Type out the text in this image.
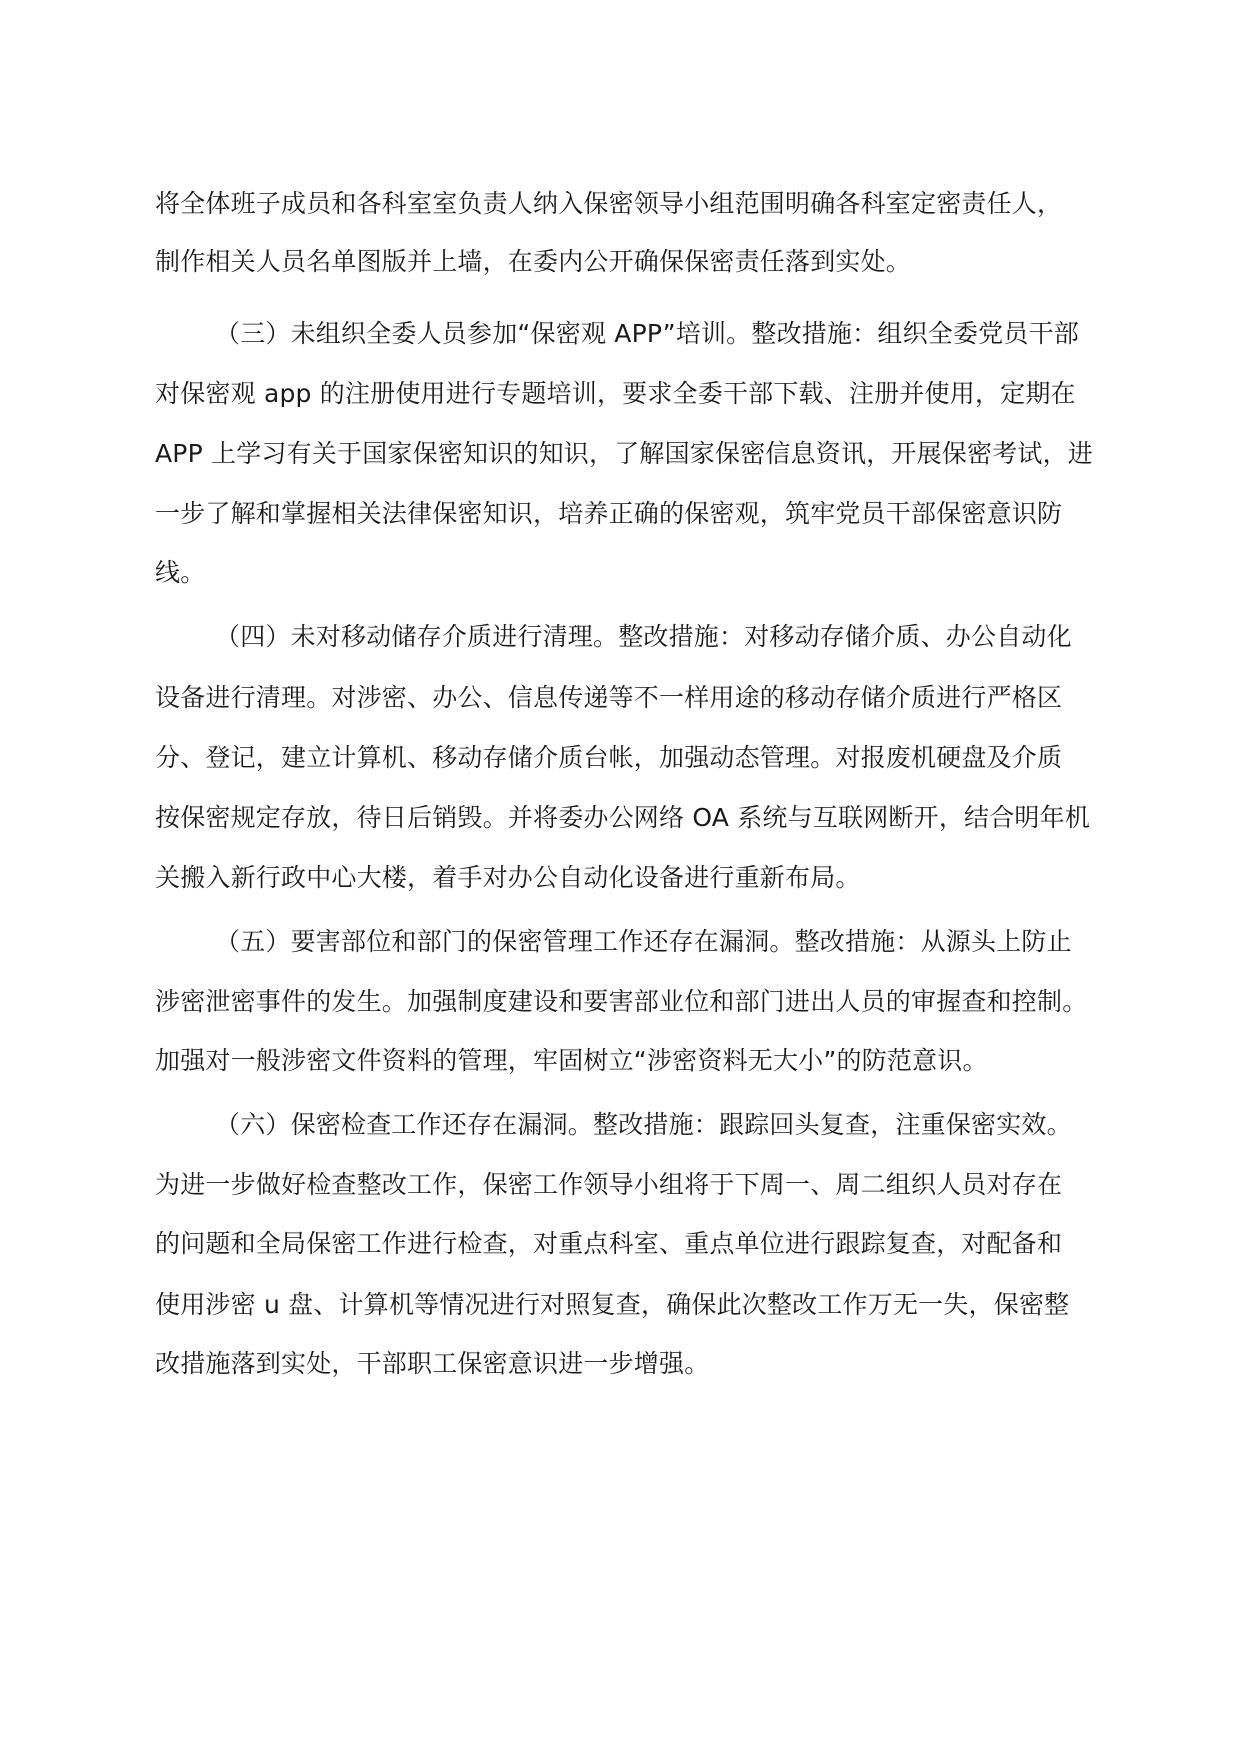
将全体班子成员和各科室室负责人纳入保密领导小组范围明确各科室定密责任人，
制作相关人员名单图版并上墙，在委内公开确保保密责任落到实处。
（三）未组织全委人员参加“保密观 APP”培训。整改措施：组织全委党员干部
对保密观 app 的注册使用进行专题培训，要求全委干部下载、注册并使用，定期在
APP 上学习有关于国家保密知识的知识，了解国家保密信息资讯，开展保密考试，进
一步了解和掌握相关法律保密知识，培养正确的保密观，筑牢党员干部保密意识防
线。
（四）未对移动储存介质进行清理。整改措施：对移动存储介质、办公自动化
设备进行清理。对涉密、办公、信息传递等不一样用途的移动存储介质进行严格区
分、登记，建立计算机、移动存储介质台帐，加强动态管理。对报废机硬盘及介质
按保密规定存放，待日后销毁。并将委办公网络 OA 系统与互联网断开，结合明年机
关搬入新行政中心大楼，着手对办公自动化设备进行重新布局。
（五）要害部位和部门的保密管理工作还存在漏洞。整改措施：从源头上防止
涉密泄密事件的发生。加强制度建设和要害部业位和部门进出人员的审握查和控制。
加强对一般涉密文件资料的管理，牢固树立“涉密资料无大小”的防范意识。
（六）保密检查工作还存在漏洞。整改措施：跟踪回头复查，注重保密实效。
为进一步做好检查整改工作，保密工作领导小组将于下周一、周二组织人员对存在
的问题和全局保密工作进行检查，对重点科室、重点单位进行跟踪复查，对配备和
使用涉密 u 盘、计算机等情况进行对照复查，确保此次整改工作万无一失，保密整
改措施落到实处，干部职工保密意识进一步增强。
